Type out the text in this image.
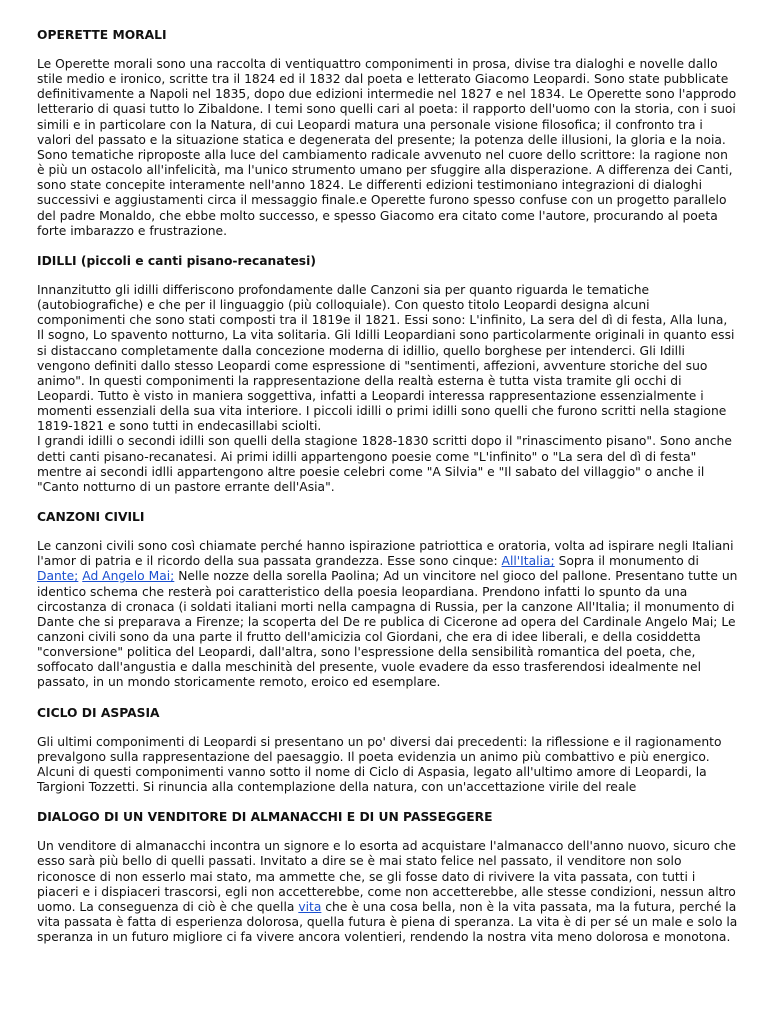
OPERETTE MORALI

Le Operette morali sono una raccolta di ventiquattro componimenti in prosa, divise tra dialoghi e novelle dallo stile medio e ironico, scritte tra il 1824 ed il 1832 dal poeta e letterato Giacomo Leopardi. Sono state pubblicate definitivamente a Napoli nel 1835, dopo due edizioni intermedie nel 1827 e nel 1834. Le Operette sono l'approdo letterario di quasi tutto lo Zibaldone. I temi sono quelli cari al poeta: il rapporto dell'uomo con la storia, con i suoi simili e in particolare con la Natura, di cui Leopardi matura una personale visione filosofica; il confronto tra i valori del passato e la situazione statica e degenerata del presente; la potenza delle illusioni, la gloria e la noia. Sono tematiche riproposte alla luce del cambiamento radicale avvenuto nel cuore dello scrittore: la ragione non è più un ostacolo all'infelicità, ma l'unico strumento umano per sfuggire alla disperazione. A differenza dei Canti, sono state concepite interamente nell'anno 1824. Le differenti edizioni testimoniano integrazioni di dialoghi successivi e aggiustamenti circa il messaggio finale.e Operette furono spesso confuse con un progetto parallelo del padre Monaldo, che ebbe molto successo, e spesso Giacomo era citato come l'autore, procurando al poeta forte imbarazzo e frustrazione.

IDILLI (piccoli e canti pisano-recanatesi)

Innanzitutto gli idilli differiscono profondamente dalle Canzoni sia per quanto riguarda le tematiche (autobiografiche) e che per il linguaggio (più colloquiale). Con questo titolo Leopardi designa alcuni componimenti che sono stati composti tra il 1819e il 1821. Essi sono: L'infinito, La sera del dì di festa, Alla luna, Il sogno, Lo spavento notturno, La vita solitaria. Gli Idilli Leopardiani sono particolarmente originali in quanto essi si distaccano completamente dalla concezione moderna di idillio, quello borghese per intenderci. Gli Idilli vengono definiti dallo stesso Leopardi come espressione di "sentimenti, affezioni, avventure storiche del suo animo". In questi componimenti la rappresentazione della realtà esterna è tutta vista tramite gli occhi di Leopardi. Tutto è visto in maniera soggettiva, infatti a Leopardi interessa rappresentazione essenzialmente i momenti essenziali della sua vita interiore. I piccoli idilli o primi idilli sono quelli che furono scritti nella stagione 1819-1821 e sono tutti in endecasillabi sciolti.
I grandi idilli o secondi idilli son quelli della stagione 1828-1830 scritti dopo il "rinascimento pisano". Sono anche detti canti pisano-recanatesi. Ai primi idilli appartengono poesie come "L'infinito" o "La sera del dì di festa" mentre ai secondi idlli appartengono altre poesie celebri come "A Silvia" e "Il sabato del villaggio" o anche il "Canto notturno di un pastore errante dell'Asia".

CANZONI CIVILI

Le canzoni civili sono così chiamate perché hanno ispirazione patriottica e oratoria, volta ad ispirare negli Italiani l'amor di patria e il ricordo della sua passata grandezza. Esse sono cinque: All'Italia; Sopra il monumento di Dante; Ad Angelo Mai; Nelle nozze della sorella Paolina; Ad un vincitore nel gioco del pallone. Presentano tutte un identico schema che resterà poi caratteristico della poesia leopardiana. Prendono infatti lo spunto da una circostanza di cronaca (i soldati italiani morti nella campagna di Russia, per la canzone All'Italia; il monumento di Dante che si preparava a Firenze; la scoperta del De re publica di Cicerone ad opera del Cardinale Angelo Mai; Le canzoni civili sono da una parte il frutto dell'amicizia col Giordani, che era di idee liberali, e della cosiddetta "conversione" politica del Leopardi, dall'altra, sono l'espressione della sensibilità romantica del poeta, che, soffocato dall'angustia e dalla meschinità del presente, vuole evadere da esso trasferendosi idealmente nel passato, in un mondo storicamente remoto, eroico ed esemplare.

CICLO DI ASPASIA

Gli ultimi componimenti di Leopardi si presentano un po' diversi dai precedenti: la riflessione e il ragionamento prevalgono sulla rappresentazione del paesaggio. Il poeta evidenzia un animo più combattivo e più energico. Alcuni di questi componimenti vanno sotto il nome di Ciclo di Aspasia, legato all'ultimo amore di Leopardi, la Targioni Tozzetti. Si rinuncia alla contemplazione della natura, con un'accettazione virile del reale

DIALOGO DI UN VENDITORE DI ALMANACCHI E DI UN PASSEGGERE

Un venditore di almanacchi incontra un signore e lo esorta ad acquistare l'almanacco dell'anno nuovo, sicuro che esso sarà più bello di quelli passati. Invitato a dire se è mai stato felice nel passato, il venditore non solo riconosce di non esserlo mai stato, ma ammette che, se gli fosse dato di rivivere la vita passata, con tutti i piaceri e i dispiaceri trascorsi, egli non accetterebbe, come non accetterebbe, alle stesse condizioni, nessun altro uomo. La conseguenza di ciò è che quella vita che è una cosa bella, non è la vita passata, ma la futura, perché la vita passata è fatta di esperienza dolorosa, quella futura è piena di speranza. La vita è di per sé un male e solo la speranza in un futuro migliore ci fa vivere ancora volentieri, rendendo la nostra vita meno dolorosa e monotona.
